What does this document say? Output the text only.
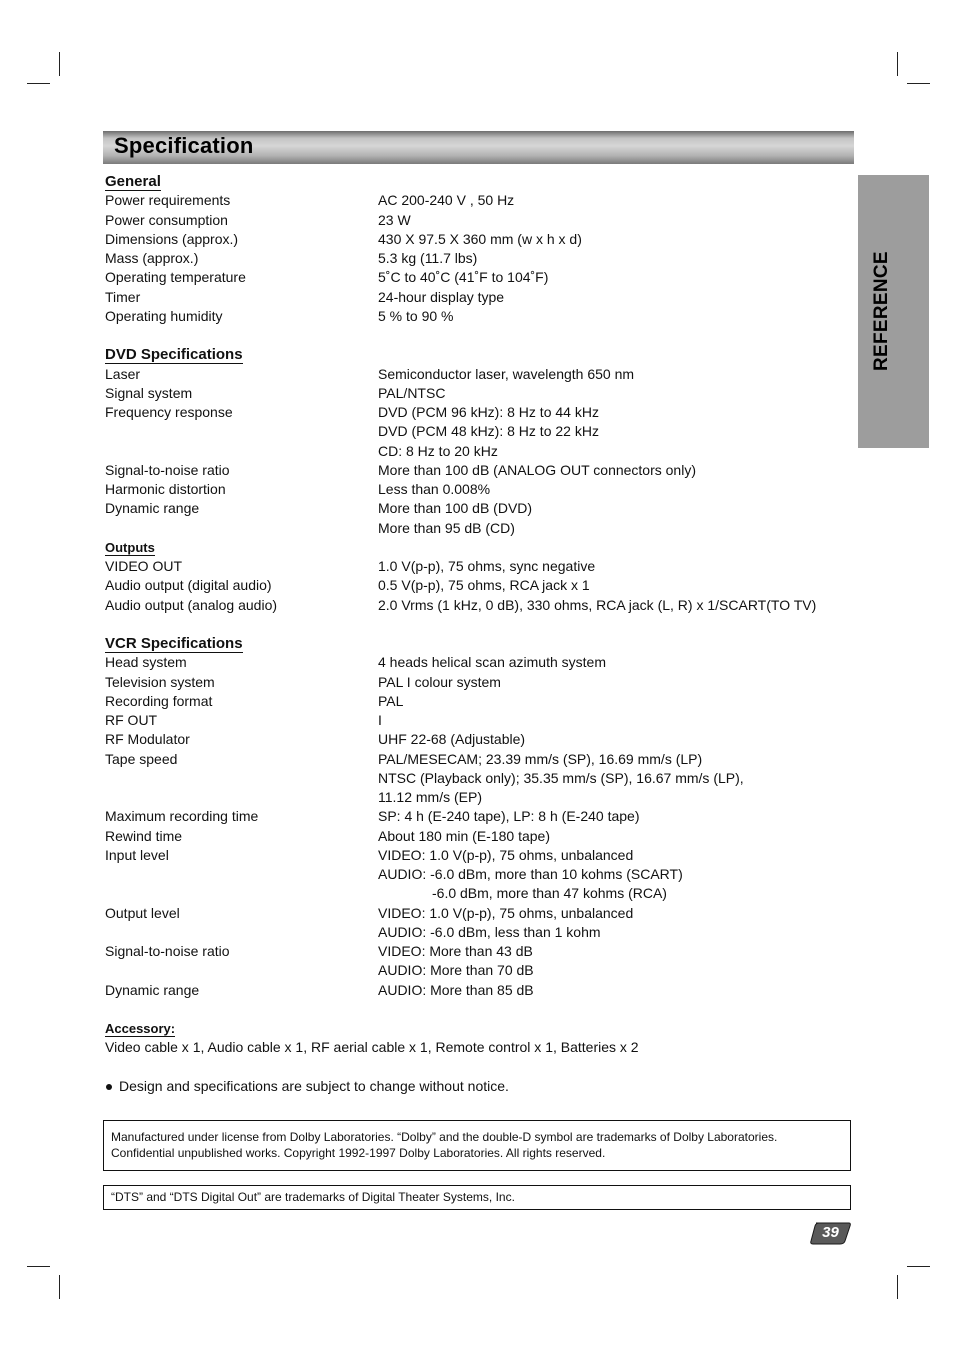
Specification
REFERENCE
General
Power requirements	AC 200-240 V , 50 Hz
Power consumption	23 W
Dimensions (approx.)	430 X 97.5 X 360 mm (w x h x d)
Mass (approx.)	5.3 kg (11.7 lbs)
Operating temperature	5˚C to 40˚C (41˚F to 104˚F)
Timer	24-hour display type
Operating humidity	5 % to 90 %
DVD Specifications
Laser	Semiconductor laser, wavelength 650 nm
Signal system	PAL/NTSC
Frequency response	DVD (PCM 96 kHz): 8 Hz to 44 kHz
DVD (PCM 48 kHz): 8 Hz to 22 kHz
CD: 8 Hz to 20 kHz
Signal-to-noise ratio	More than 100 dB (ANALOG OUT connectors only)
Harmonic distortion	Less than 0.008%
Dynamic range	More than 100 dB (DVD)
More than 95 dB (CD)
Outputs
VIDEO OUT	1.0 V(p-p), 75 ohms, sync negative
Audio output (digital audio)	0.5 V(p-p), 75 ohms, RCA jack x 1
Audio output (analog audio)	2.0 Vrms (1 kHz, 0 dB), 330 ohms, RCA jack (L, R) x 1/SCART(TO TV)
VCR Specifications
Head system	4 heads helical scan azimuth system
Television system	PAL I colour system
Recording format	PAL
RF OUT	I
RF Modulator	UHF 22-68 (Adjustable)
Tape speed	PAL/MESECAM; 23.39 mm/s (SP), 16.69 mm/s (LP)
NTSC (Playback only); 35.35 mm/s (SP), 16.67 mm/s (LP),
11.12 mm/s (EP)
Maximum recording time	SP: 4 h (E-240 tape), LP: 8 h (E-240 tape)
Rewind time	About 180 min (E-180 tape)
Input level	VIDEO: 1.0 V(p-p), 75 ohms, unbalanced
AUDIO: -6.0 dBm, more than 10 kohms (SCART)
-6.0 dBm, more than 47 kohms (RCA)
Output level	VIDEO: 1.0 V(p-p), 75 ohms, unbalanced
AUDIO: -6.0 dBm, less than 1 kohm
Signal-to-noise ratio	VIDEO: More than 43 dB
AUDIO: More than 70 dB
Dynamic range	AUDIO: More than 85 dB
Accessory:
Video cable x 1, Audio cable x 1, RF aerial cable x 1, Remote control x 1, Batteries x 2
Design and specifications are subject to change without notice.
Manufactured under license from Dolby Laboratories. “Dolby” and the double-D symbol are trademarks of Dolby Laboratories. Confidential unpublished works. Copyright 1992-1997 Dolby Laboratories. All rights reserved.
“DTS” and “DTS Digital Out” are trademarks of Digital Theater Systems, Inc.
39
